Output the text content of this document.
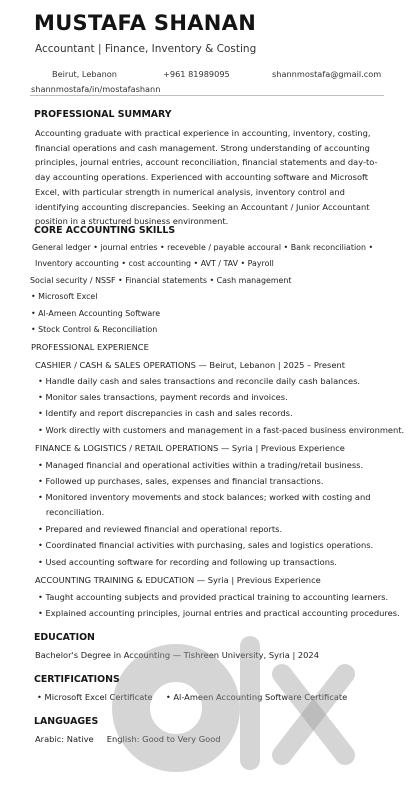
MUSTAFA SHANAN
Accountant | Finance, Inventory & Costing
Beirut, Lebanon	+961 81989095	shannmostafa@gmail.com
shannmostafa/in/mostafashann
PROFESSIONAL SUMMARY
Accounting graduate with practical experience in accounting, inventory, costing, financial operations and cash management. Strong understanding of accounting principles, journal entries, account reconciliation, financial statements and day-to-day accounting operations. Experienced with accounting software and Microsoft Excel, with particular strength in numerical analysis, inventory control and identifying accounting discrepancies. Seeking an Accountant / Junior Accountant position in a structured business environment.
CORE ACCOUNTING SKILLS
General ledger • journal entries • receveble / payable accoural • Bank reconciliation •
Inventory accounting • cost accounting • AVT / TAV • Payroll
Social security / NSSF • Financial statements • Cash management
• Microsoft Excel
• Al-Ameen Accounting Software
• Stock Control & Reconciliation
PROFESSIONAL EXPERIENCE
CASHIER / CASH & SALES OPERATIONS — Beirut, Lebanon | 2025 – Present
• Handle daily cash and sales transactions and reconcile daily cash balances.
• Monitor sales transactions, payment records and invoices.
• Identify and report discrepancies in cash and sales records.
• Work directly with customers and management in a fast-paced business environment.
FINANCE & LOGISTICS / RETAIL OPERATIONS — Syria | Previous Experience
• Managed financial and operational activities within a trading/retail business.
• Followed up purchases, sales, expenses and financial transactions.
• Monitored inventory movements and stock balances; worked with costing and
reconciliation.
• Prepared and reviewed financial and operational reports.
• Coordinated financial activities with purchasing, sales and logistics operations.
• Used accounting software for recording and following up transactions.
ACCOUNTING TRAINING & EDUCATION — Syria | Previous Experience
• Taught accounting subjects and provided practical training to accounting learners.
• Explained accounting principles, journal entries and practical accounting procedures.
EDUCATION
Bachelor's Degree in Accounting — Tishreen University, Syria | 2024
CERTIFICATIONS
• Microsoft Excel Certificate     • Al-Ameen Accounting Software Certificate
LANGUAGES
Arabic: Native     English: Good to Very Good
